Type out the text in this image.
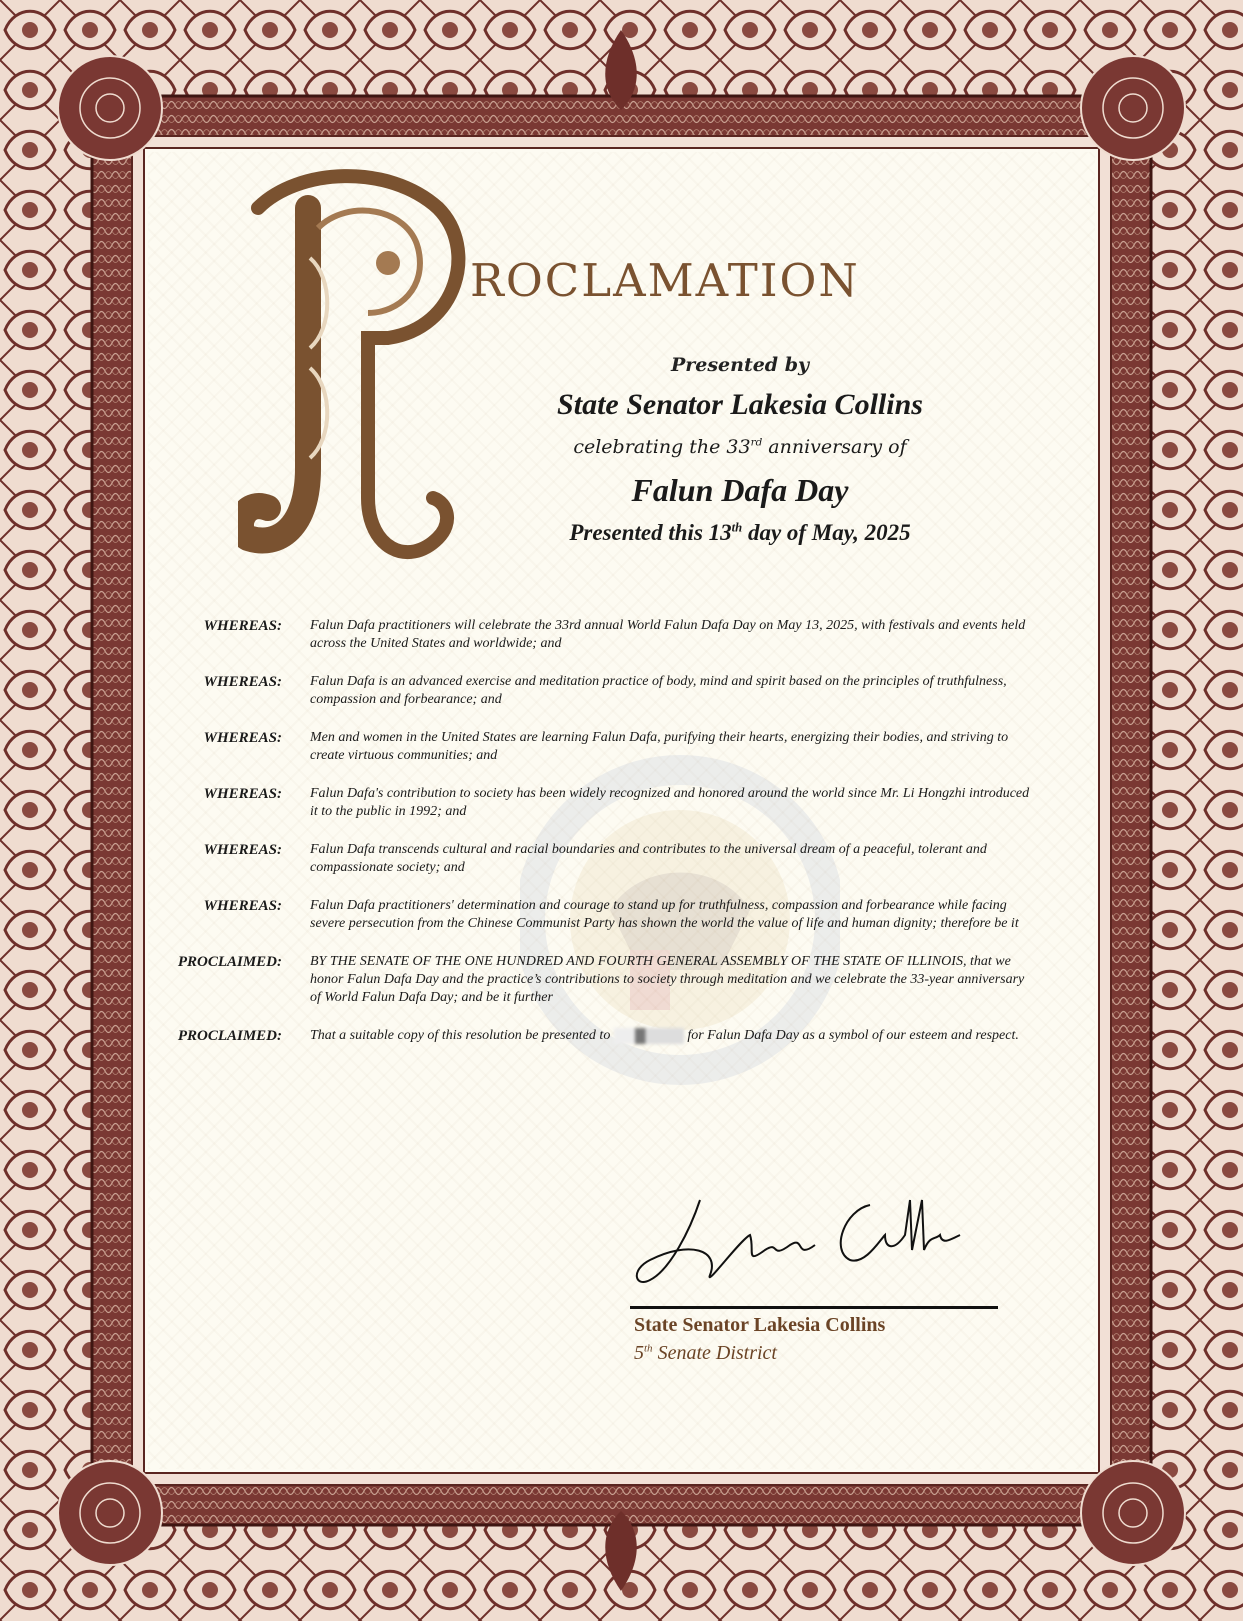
roclamation
Presented by
State Senator Lakesia Collins
celebrating the 33rd anniversary of
Falun Dafa Day
Presented this 13th day of May, 2025
WHEREAS:	Falun Dafa practitioners will celebrate the 33rd annual World Falun Dafa Day on May 13, 2025, with festivals and events held across the United States and worldwide; and
WHEREAS:	Falun Dafa is an advanced exercise and meditation practice of body, mind and spirit based on the principles of truthfulness, compassion and forbearance; and
WHEREAS:	Men and women in the United States are learning Falun Dafa, purifying their hearts, energizing their bodies, and striving to create virtuous communities; and
WHEREAS:	Falun Dafa's contribution to society has been widely recognized and honored around the world since Mr. Li Hongzhi introduced it to the public in 1992; and
WHEREAS:	Falun Dafa transcends cultural and racial boundaries and contributes to the universal dream of a peaceful, tolerant and compassionate society; and
WHEREAS:	Falun Dafa practitioners' determination and courage to stand up for truthfulness, compassion and forbearance while facing severe persecution from the Chinese Communist Party has shown the world the value of life and human dignity; therefore be it
PROCLAIMED:	BY THE SENATE OF THE ONE HUNDRED AND FOURTH GENERAL ASSEMBLY OF THE STATE OF ILLINOIS, that we honor Falun Dafa Day and the practice’s contributions to society through meditation and we celebrate the 33-year anniversary of World Falun Dafa Day; and be it further
PROCLAIMED:	That a suitable copy of this resolution be presented to	for Falun Dafa Day as a symbol of our esteem and respect.
State Senator Lakesia Collins
5th Senate District
